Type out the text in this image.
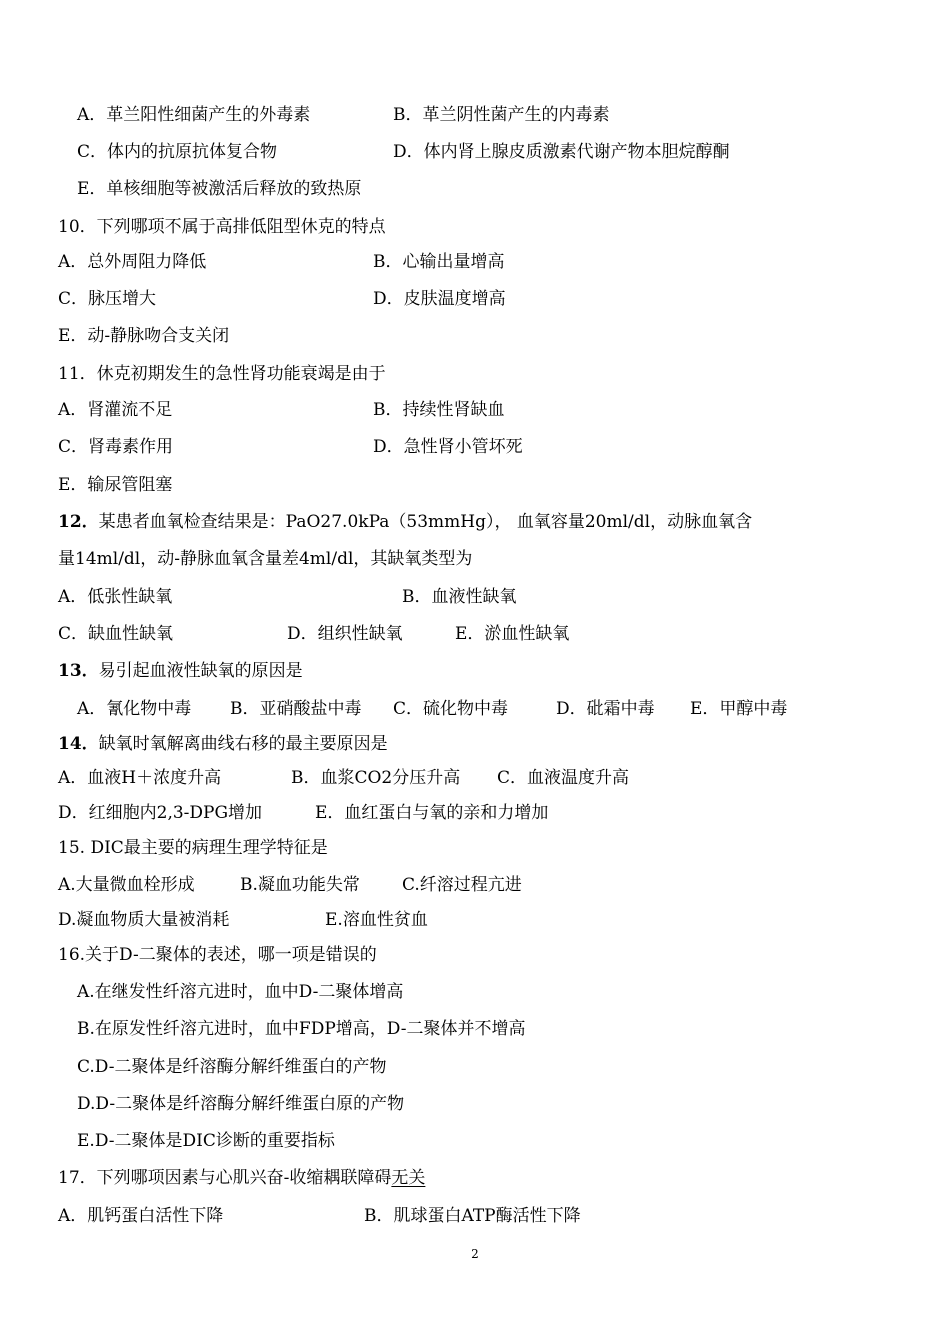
A．革兰阳性细菌产生的外毒素	B．革兰阴性菌产生的内毒素
C．体内的抗原抗体复合物	D．体内肾上腺皮质激素代谢产物本胆烷醇酮
E．单核细胞等被激活后释放的致热原
10．下列哪项不属于高排低阻型休克的特点
A．总外周阻力降低	B．心输出量增高
C．脉压增大	D．皮肤温度增高
E．动-静脉吻合支关闭
11．休克初期发生的急性肾功能衰竭是由于
A．肾灌流不足	B．持续性肾缺血
C．肾毒素作用	D．急性肾小管坏死
E．输尿管阻塞
12．某患者血氧检查结果是：PaO27.0kPa（53mmHg）， 血氧容量20ml/dl，动脉血氧含
量14ml/dl，动-静脉血氧含量差4ml/dl，其缺氧类型为
A．低张性缺氧	B．血液性缺氧
C．缺血性缺氧	D．组织性缺氧	E．淤血性缺氧
13．易引起血液性缺氧的原因是
A．氰化物中毒 B．亚硝酸盐中毒 C．硫化物中毒	D．砒霜中毒 E．甲醇中毒
14．缺氧时氧解离曲线右移的最主要原因是
A．血液H＋浓度升高	B．血浆CO2分压升高 C．血液温度升高
D．红细胞内2,3-DPG增加	E．血红蛋白与氧的亲和力增加
15. DIC最主要的病理生理学特征是
A.大量微血栓形成	B.凝血功能失常 C.纤溶过程亢进
D.凝血物质大量被消耗	E.溶血性贫血
16.关于D-二聚体的表述，哪一项是错误的
A.在继发性纤溶亢进时，血中D-二聚体增高
B.在原发性纤溶亢进时，血中FDP增高，D-二聚体并不增高
C.D-二聚体是纤溶酶分解纤维蛋白的产物
D.D-二聚体是纤溶酶分解纤维蛋白原的产物
E.D-二聚体是DIC诊断的重要指标
17．下列哪项因素与心肌兴奋-收缩耦联障碍无关
A．肌钙蛋白活性下降	B．肌球蛋白ATP酶活性下降
2
